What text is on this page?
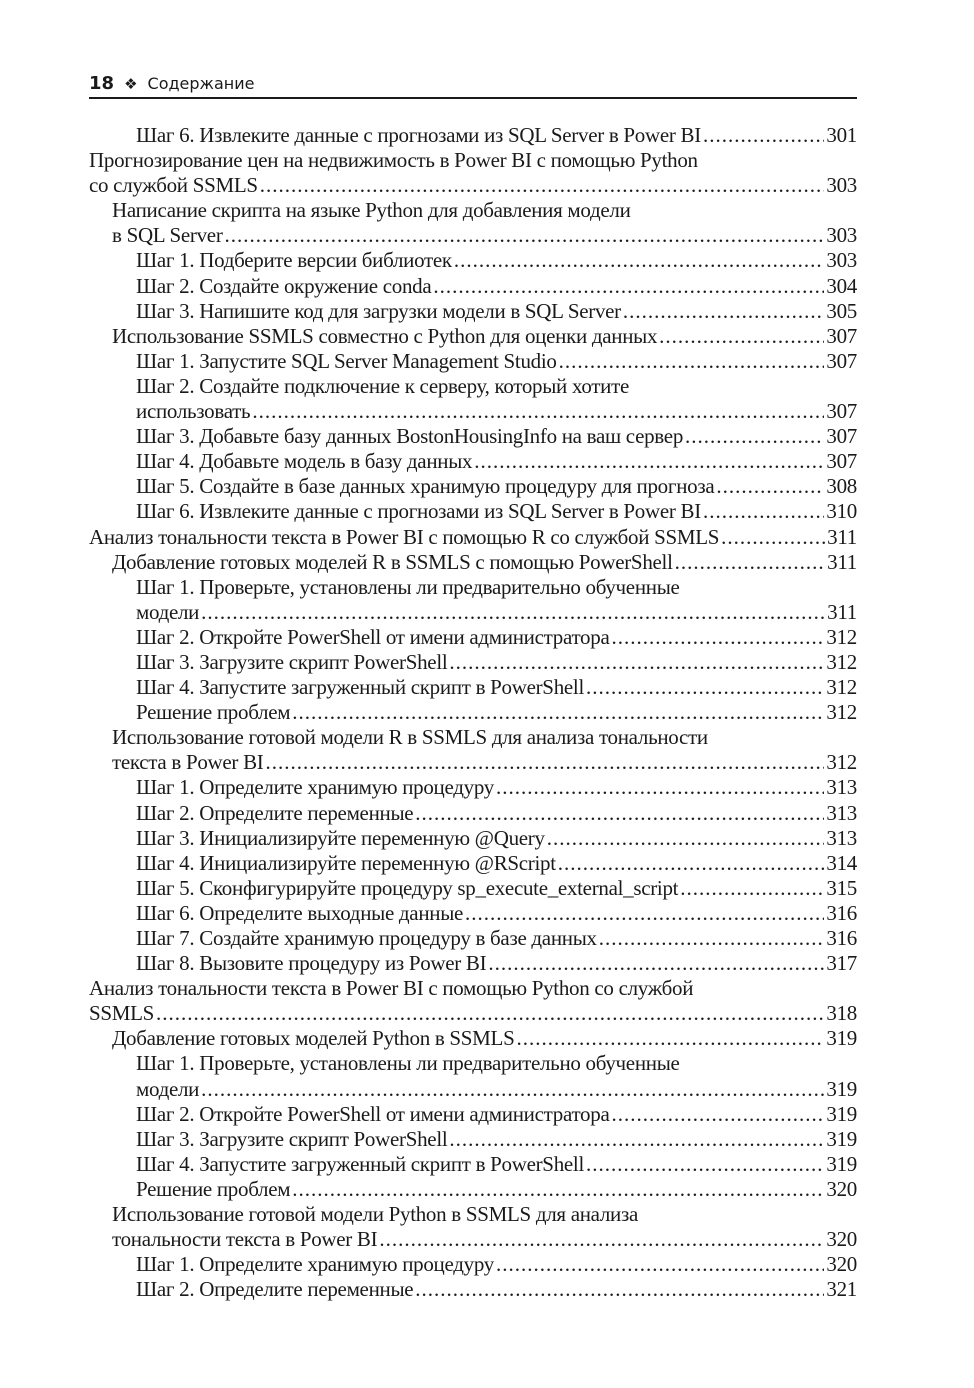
18 ❖ Содержание
Шаг 6. Извлеките данные с прогнозами из SQL Server в Power BI .....	301
Прогнозирование цен на недвижимость в Power BI с помощью Python
со службой SSMLS .....	303
Написание скрипта на языке Python для добавления модели
в SQL Server .....	303
Шаг 1. Подберите версии библиотек .....	303
Шаг 2. Создайте окружение conda .....	304
Шаг 3. Напишите код для загрузки модели в SQL Server .....	305
Использование SSMLS совместно с Python для оценки данных .....	307
Шаг 1. Запустите SQL Server Management Studio .....	307
Шаг 2. Создайте подключение к серверу, который хотите
использовать .....	307
Шаг 3. Добавьте базу данных BostonHousingInfo на ваш сервер .....	307
Шаг 4. Добавьте модель в базу данных .....	307
Шаг 5. Создайте в базе данных хранимую процедуру для прогноза .....	308
Шаг 6. Извлеките данные с прогнозами из SQL Server в Power BI .....	310
Анализ тональности текста в Power BI с помощью R со службой SSMLS .....	311
Добавление готовых моделей R в SSMLS с помощью PowerShell .....	311
Шаг 1. Проверьте, установлены ли предварительно обученные
модели .....	311
Шаг 2. Откройте PowerShell от имени администратора .....	312
Шаг 3. Загрузите скрипт PowerShell .....	312
Шаг 4. Запустите загруженный скрипт в PowerShell .....	312
Решение проблем .....	312
Использование готовой модели R в SSMLS для анализа тональности
текста в Power BI .....	312
Шаг 1. Определите хранимую процедуру .....	313
Шаг 2. Определите переменные .....	313
Шаг 3. Инициализируйте переменную @Query .....	313
Шаг 4. Инициализируйте переменную @RScript .....	314
Шаг 5. Сконфигурируйте процедуру sp_execute_external_script .....	315
Шаг 6. Определите выходные данные .....	316
Шаг 7. Создайте хранимую процедуру в базе данных .....	316
Шаг 8. Вызовите процедуру из Power BI .....	317
Анализ тональности текста в Power BI с помощью Python со службой
SSMLS .....	318
Добавление готовых моделей Python в SSMLS .....	319
Шаг 1. Проверьте, установлены ли предварительно обученные
модели .....	319
Шаг 2. Откройте PowerShell от имени администратора .....	319
Шаг 3. Загрузите скрипт PowerShell .....	319
Шаг 4. Запустите загруженный скрипт в PowerShell .....	319
Решение проблем .....	320
Использование готовой модели Python в SSMLS для анализа
тональности текста в Power BI .....	320
Шаг 1. Определите хранимую процедуру .....	320
Шаг 2. Определите переменные .....	321
